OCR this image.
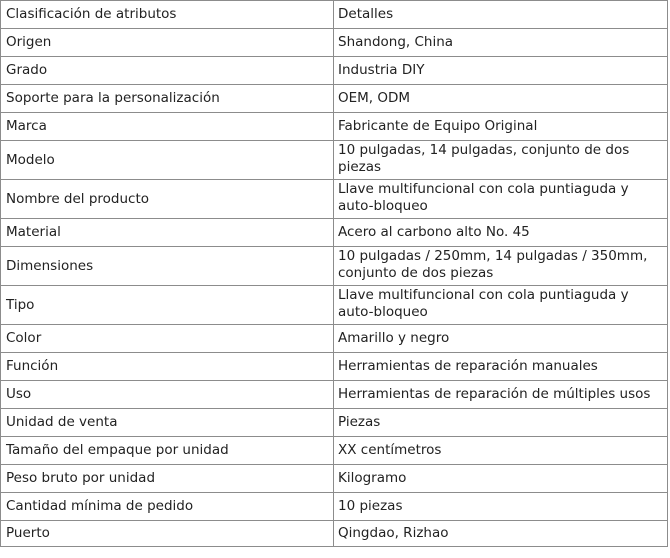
Clasificación de atributos	Detalles
Origen	Shandong, China
Grado	Industria DIY
Soporte para la personalización	OEM, ODM
Marca	Fabricante de Equipo Original
Modelo	10 pulgadas, 14 pulgadas, conjunto de dos piezas
Nombre del producto	Llave multifuncional con cola puntiaguda y auto-bloqueo
Material	Acero al carbono alto No. 45
Dimensiones	10 pulgadas / 250mm, 14 pulgadas / 350mm, conjunto de dos piezas
Tipo	Llave multifuncional con cola puntiaguda y auto-bloqueo
Color	Amarillo y negro
Función	Herramientas de reparación manuales
Uso	Herramientas de reparación de múltiples usos
Unidad de venta	Piezas
Tamaño del empaque por unidad	XX centímetros
Peso bruto por unidad	Kilogramo
Cantidad mínima de pedido	10 piezas
Puerto	Qingdao, Rizhao
